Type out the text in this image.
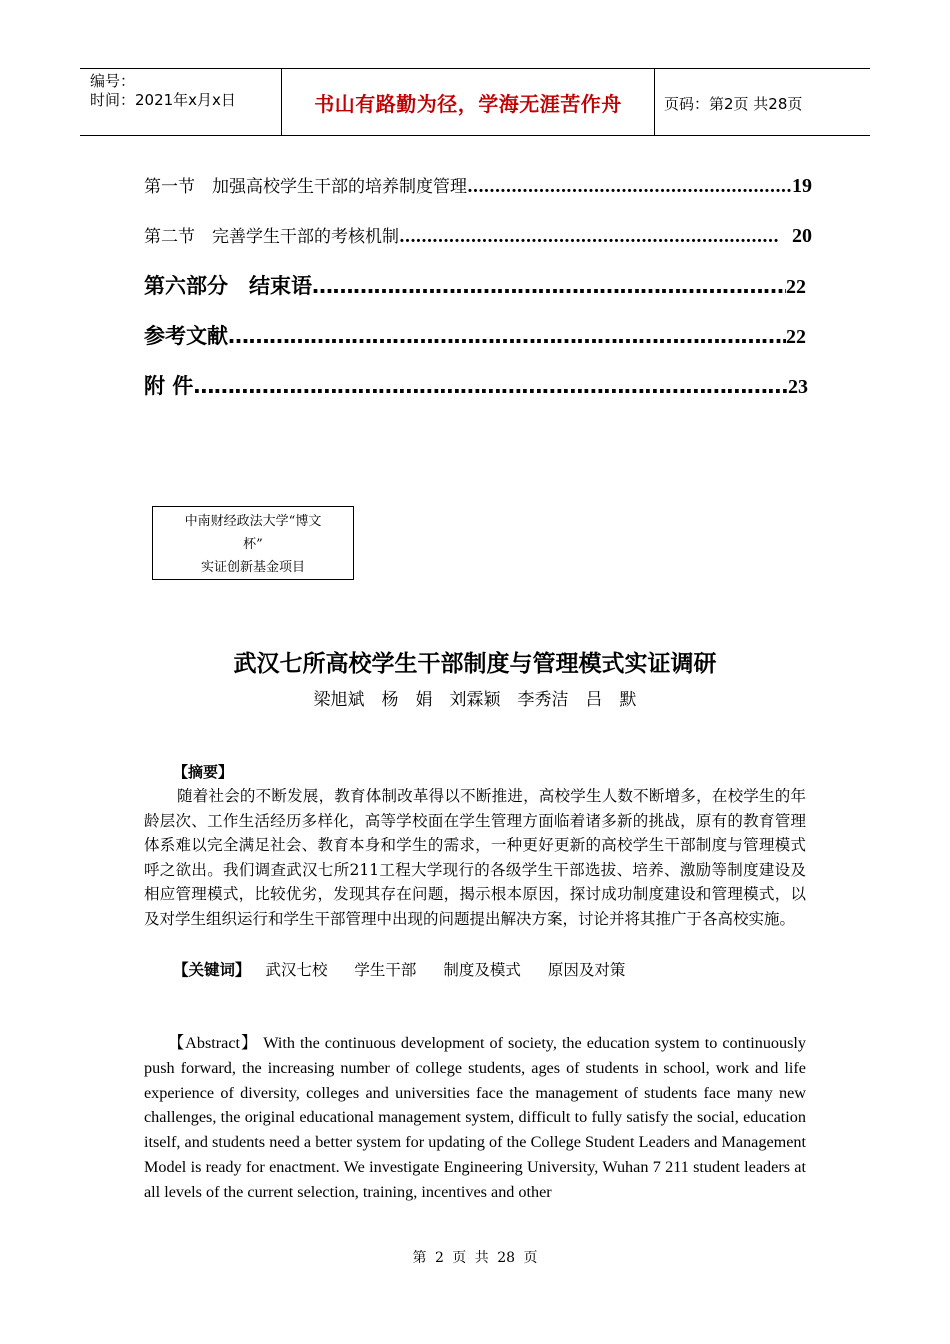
编号：
时间：2021年x月x日	书山有路勤为径，学海无涯苦作舟	页码：第2页 共28页
第一节　加强高校学生干部的培养制度管理 ……………………………………………………………………………………………………………………………………………	19
第二节　完善学生干部的考核机制 ……………………………………………………………………………………………………………………………………………	20
第六部分　结束语 ……………………………………………………………………………………………………………………………………………	22
参考文献 ……………………………………………………………………………………………………………………………………………	22
附 件 ……………………………………………………………………………………………………………………………………………	23
中南财经政法大学“博文
杯”
实证创新基金项目
武汉七所高校学生干部制度与管理模式实证调研
梁旭斌　杨　娟　刘霖颖　李秀洁　吕　默
【摘要】
随着社会的不断发展，教育体制改革得以不断推进，高校学生人数不断增多，在校学生的年龄层次、工作生活经历多样化，高等学校面在学生管理方面临着诸多新的挑战，原有的教育管理体系难以完全满足社会、教育本身和学生的需求，一种更好更新的高校学生干部制度与管理模式呼之欲出。我们调查武汉七所211工程大学现行的各级学生干部选拔、培养、激励等制度建设及相应管理模式，比较优劣，发现其存在问题，揭示根本原因，探讨成功制度建设和管理模式，以及对学生组织运行和学生干部管理中出现的问题提出解决方案，讨论并将其推广于各高校实施。
【关键词】 武汉七校 学生干部 制度及模式 原因及对策
【Abstract】 With the continuous development of society, the education system to continuously push forward, the increasing number of college students, ages of students in school, work and life experience of diversity, colleges and universities face the management of students face many new challenges, the original educational management system, difficult to fully satisfy the social, education itself, and students need a better system for updating of the College Student Leaders and Management Model is ready for enactment. We investigate Engineering University, Wuhan 7 211 student leaders at all levels of the current selection, training, incentives and other
第 2 页 共 28 页
